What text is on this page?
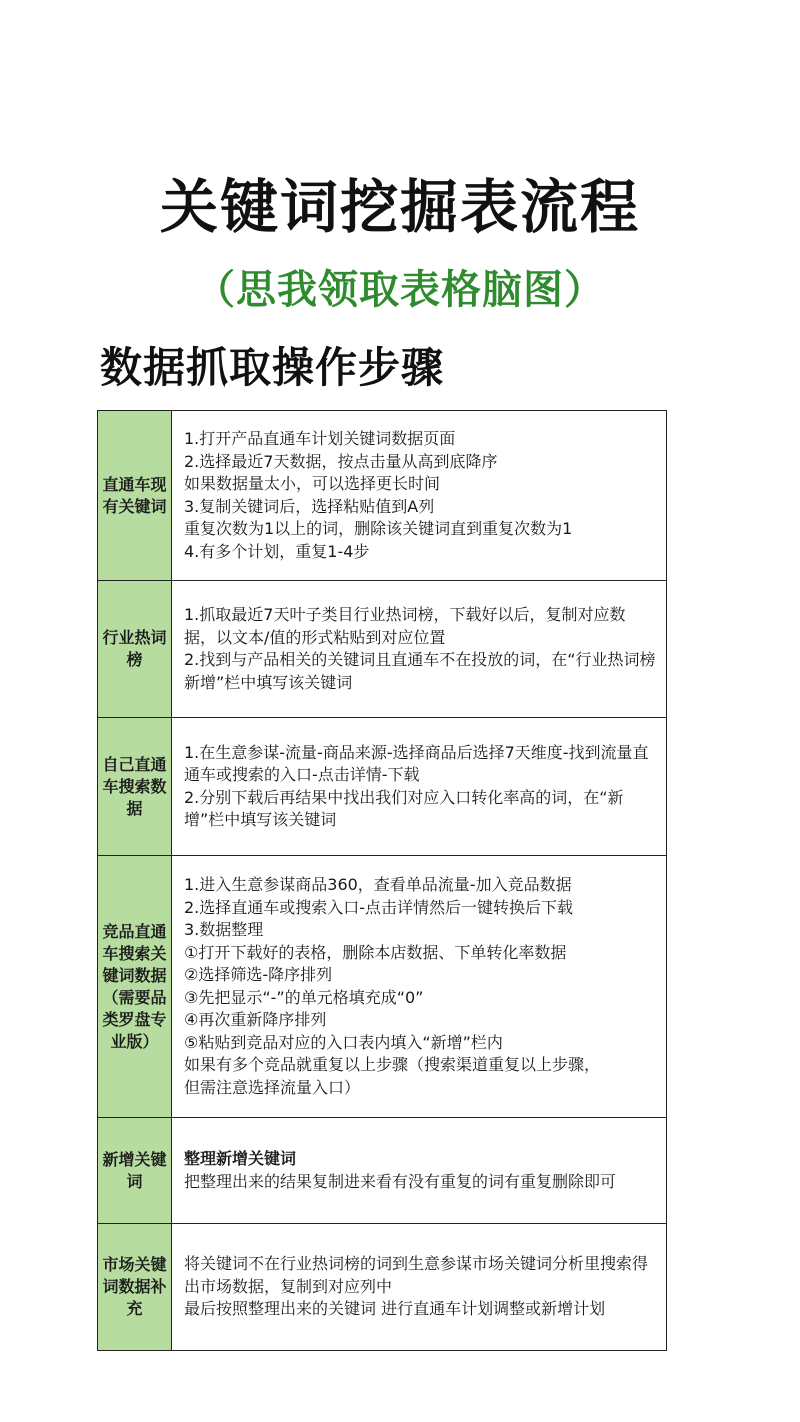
关键词挖掘表流程
（思我领取表格脑图）
数据抓取操作步骤
直通车现有关键词
1.打开产品直通车计划关键词数据页面
2.选择最近7天数据，按点击量从高到底降序
如果数据量太小，可以选择更长时间
3.复制关键词后，选择粘贴值到A列
重复次数为1以上的词，删除该关键词直到重复次数为1
4.有多个计划，重复1-4步
行业热词榜
1.抓取最近7天叶子类目行业热词榜，下载好以后，复制对应数据，以文本/值的形式粘贴到对应位置
2.找到与产品相关的关键词且直通车不在投放的词，在“行业热词榜新增”栏中填写该关键词
自己直通车搜索数据
1.在生意参谋-流量-商品来源-选择商品后选择7天维度-找到流量直通车或搜索的入口-点击详情-下载
2.分别下载后再结果中找出我们对应入口转化率高的词，在“新增”栏中填写该关键词
竞品直通车搜索关键词数据（需要品类罗盘专业版）
1.进入生意参谋商品360，查看单品流量-加入竞品数据
2.选择直通车或搜索入口-点击详情然后一键转换后下载
3.数据整理
①打开下载好的表格，删除本店数据、下单转化率数据
②选择筛选-降序排列
③先把显示“-”的单元格填充成“0”
④再次重新降序排列
⑤粘贴到竞品对应的入口表内填入“新增”栏内
如果有多个竞品就重复以上步骤（搜索渠道重复以上步骤，
但需注意选择流量入口）
新增关键词
整理新增关键词
把整理出来的结果复制进来看有没有重复的词有重复删除即可
市场关键词数据补充
将关键词不在行业热词榜的词到生意参谋市场关键词分析里搜索得出市场数据，复制到对应列中
最后按照整理出来的关键词 进行直通车计划调整或新增计划
